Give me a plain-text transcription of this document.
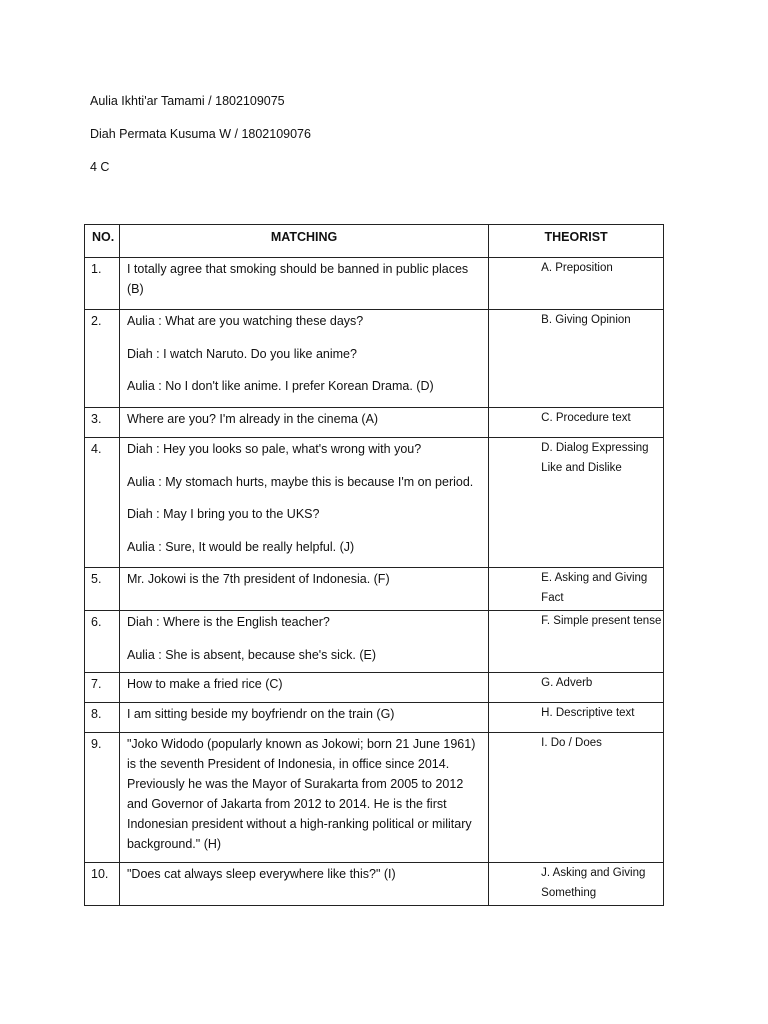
Aulia Ikhti'ar Tamami / 1802109075

Diah Permata Kusuma W / 1802109076

4 C

NO.	MATCHING	THEORIST

1.	I totally agree that smoking should be banned in public places (B)	A. Preposition

2.	Aulia : What are you watching these days?

Diah : I watch Naruto. Do you like anime?

Aulia : No I don't like anime. I prefer Korean Drama. (D)	B. Giving Opinion

3.	Where are you? I'm already in the cinema (A)	C. Procedure text

4.	Diah : Hey you looks so pale, what's wrong with you?

Aulia : My stomach hurts, maybe this is because I'm on period.

Diah : May I bring you to the UKS?

Aulia : Sure, It would be really helpful. (J)	D. Dialog Expressing Like and Dislike

5.	Mr. Jokowi is the 7th president of Indonesia. (F)	E. Asking and Giving Fact

6.	Diah : Where is the English teacher?

Aulia : She is absent, because she's sick. (E)	F. Simple present tense

7.	How to make a fried rice (C)	G. Adverb

8.	I am sitting beside my boyfriendr on the train (G)	H. Descriptive text

9.	"Joko Widodo (popularly known as Jokowi; born 21 June 1961) is the seventh President of Indonesia, in office since 2014. Previously he was the Mayor of Surakarta from 2005 to 2012 and Governor of Jakarta from 2012 to 2014. He is the first Indonesian president without a high-ranking political or military background." (H)	I. Do / Does

10.	"Does cat always sleep everywhere like this?" (I)	J. Asking and Giving Something
